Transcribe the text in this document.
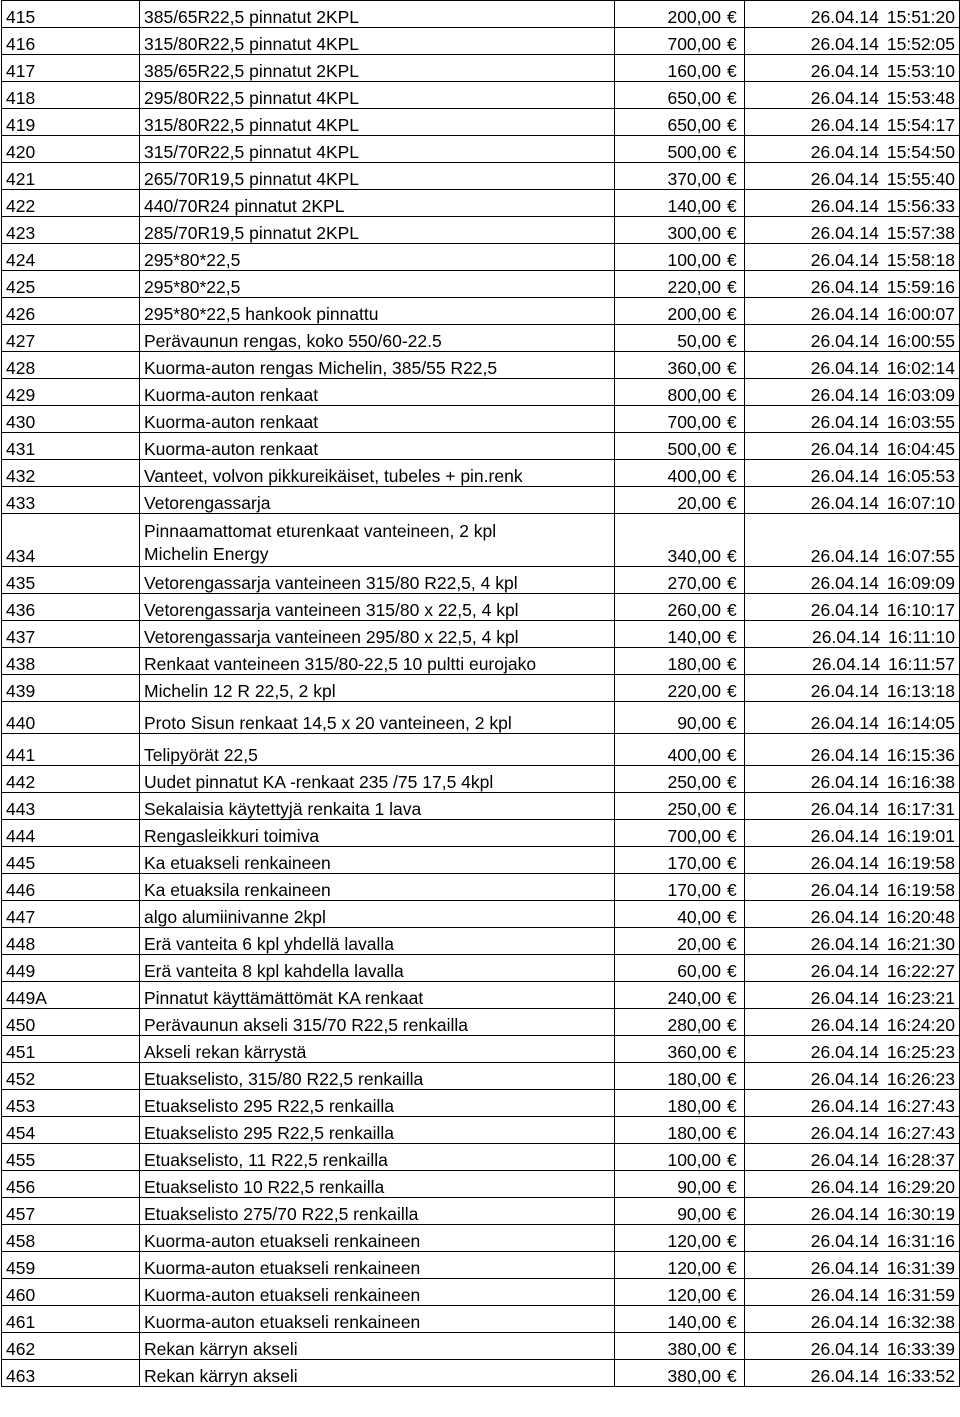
415	385/65R22,5 pinnatut 2KPL	200,00 €	26.04.14 15:51:20
416	315/80R22,5 pinnatut 4KPL	700,00 €	26.04.14 15:52:05
417	385/65R22,5 pinnatut 2KPL	160,00 €	26.04.14 15:53:10
418	295/80R22,5 pinnatut 4KPL	650,00 €	26.04.14 15:53:48
419	315/80R22,5 pinnatut 4KPL	650,00 €	26.04.14 15:54:17
420	315/70R22,5 pinnatut 4KPL	500,00 €	26.04.14 15:54:50
421	265/70R19,5 pinnatut 4KPL	370,00 €	26.04.14 15:55:40
422	440/70R24 pinnatut 2KPL	140,00 €	26.04.14 15:56:33
423	285/70R19,5 pinnatut 2KPL	300,00 €	26.04.14 15:57:38
424	295*80*22,5	100,00 €	26.04.14 15:58:18
425	295*80*22,5	220,00 €	26.04.14 15:59:16
426	295*80*22,5 hankook pinnattu	200,00 €	26.04.14 16:00:07
427	Perävaunun rengas, koko 550/60-22.5	50,00 €	26.04.14 16:00:55
428	Kuorma-auton rengas Michelin, 385/55 R22,5	360,00 €	26.04.14 16:02:14
429	Kuorma-auton renkaat	800,00 €	26.04.14 16:03:09
430	Kuorma-auton renkaat	700,00 €	26.04.14 16:03:55
431	Kuorma-auton renkaat	500,00 €	26.04.14 16:04:45
432	Vanteet, volvon pikkureikäiset, tubeles + pin.renk	400,00 €	26.04.14 16:05:53
433	Vetorengassarja	20,00 €	26.04.14 16:07:10
434	Pinnaamattomat eturenkaat vanteineen, 2 kpl
Michelin Energy	340,00 €	26.04.14 16:07:55
435	Vetorengassarja vanteineen 315/80 R22,5, 4 kpl	270,00 €	26.04.14 16:09:09
436	Vetorengassarja vanteineen 315/80 x 22,5, 4 kpl	260,00 €	26.04.14 16:10:17
437	Vetorengassarja vanteineen 295/80 x 22,5, 4 kpl	140,00 €	26.04.14 16:11:10
438	Renkaat vanteineen 315/80-22,5 10 pultti eurojako	180,00 €	26.04.14 16:11:57
439	Michelin 12 R 22,5, 2 kpl	220,00 €	26.04.14 16:13:18
440	Proto Sisun renkaat 14,5 x 20 vanteineen, 2 kpl	90,00 €	26.04.14 16:14:05
441	Telipyörät 22,5	400,00 €	26.04.14 16:15:36
442	Uudet pinnatut KA -renkaat 235 /75 17,5 4kpl	250,00 €	26.04.14 16:16:38
443	Sekalaisia käytettyjä renkaita 1 lava	250,00 €	26.04.14 16:17:31
444	Rengasleikkuri toimiva	700,00 €	26.04.14 16:19:01
445	Ka etuakseli renkaineen	170,00 €	26.04.14 16:19:58
446	Ka etuaksila renkaineen	170,00 €	26.04.14 16:19:58
447	algo alumiinivanne 2kpl	40,00 €	26.04.14 16:20:48
448	Erä vanteita 6 kpl yhdellä lavalla	20,00 €	26.04.14 16:21:30
449	Erä vanteita 8 kpl kahdella lavalla	60,00 €	26.04.14 16:22:27
449A	Pinnatut käyttämättömät KA renkaat	240,00 €	26.04.14 16:23:21
450	Perävaunun akseli 315/70 R22,5 renkailla	280,00 €	26.04.14 16:24:20
451	Akseli rekan kärrystä	360,00 €	26.04.14 16:25:23
452	Etuakselisto, 315/80 R22,5 renkailla	180,00 €	26.04.14 16:26:23
453	Etuakselisto 295 R22,5 renkailla	180,00 €	26.04.14 16:27:43
454	Etuakselisto 295 R22,5 renkailla	180,00 €	26.04.14 16:27:43
455	Etuakselisto, 11 R22,5 renkailla	100,00 €	26.04.14 16:28:37
456	Etuakselisto 10 R22,5 renkailla	90,00 €	26.04.14 16:29:20
457	Etuakselisto 275/70 R22,5 renkailla	90,00 €	26.04.14 16:30:19
458	Kuorma-auton etuakseli renkaineen	120,00 €	26.04.14 16:31:16
459	Kuorma-auton etuakseli renkaineen	120,00 €	26.04.14 16:31:39
460	Kuorma-auton etuakseli renkaineen	120,00 €	26.04.14 16:31:59
461	Kuorma-auton etuakseli renkaineen	140,00 €	26.04.14 16:32:38
462	Rekan kärryn akseli	380,00 €	26.04.14 16:33:39
463	Rekan kärryn akseli	380,00 €	26.04.14 16:33:52
